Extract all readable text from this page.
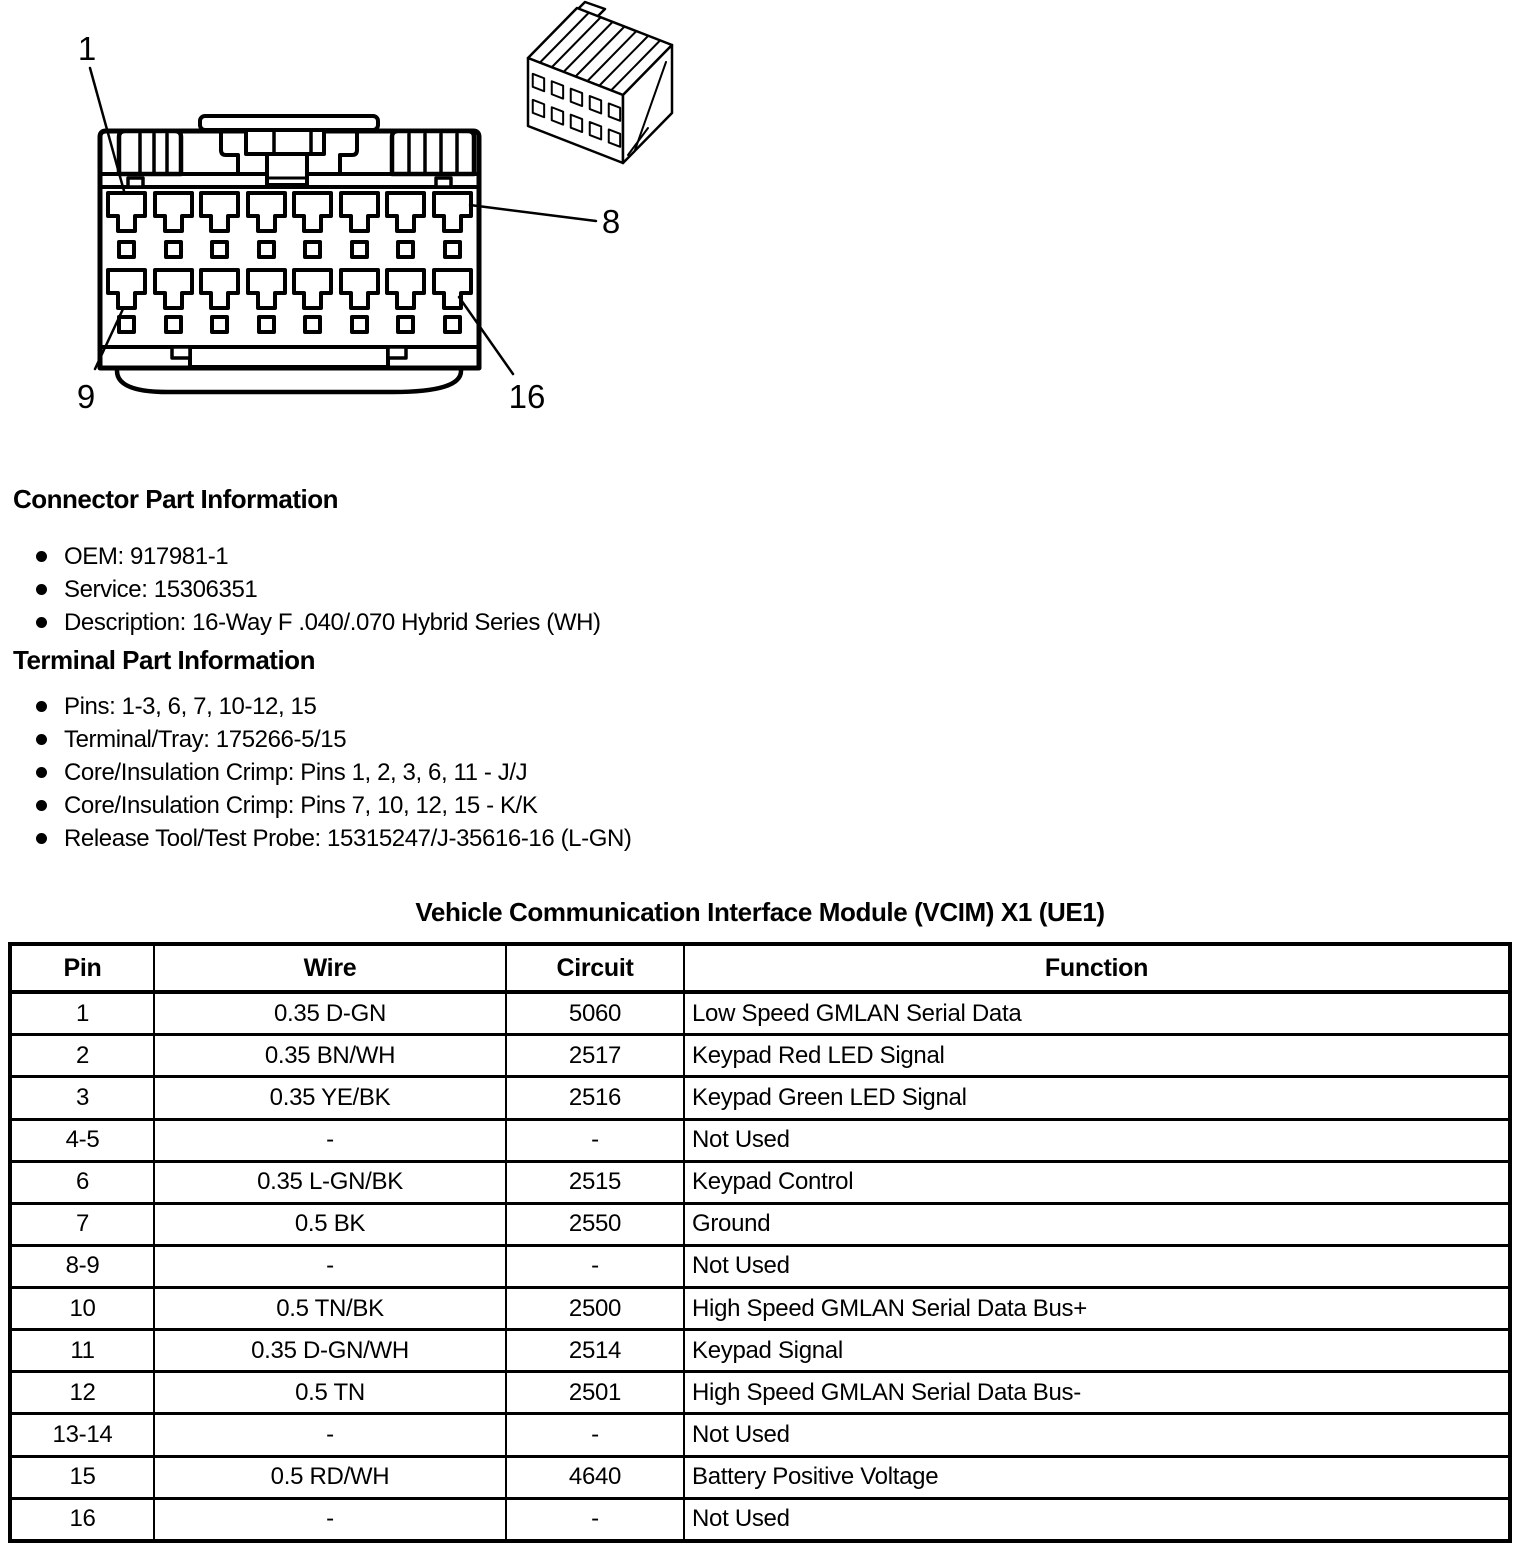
1
8
9	16
Connector Part Information
OEM: 917981-1
Service: 15306351
Description: 16-Way F .040/.070 Hybrid Series (WH)
Terminal Part Information
Pins: 1-3, 6, 7, 10-12, 15
Terminal/Tray: 175266-5/15
Core/Insulation Crimp: Pins 1, 2, 3, 6, 11 - J/J
Core/Insulation Crimp: Pins 7, 10, 12, 15 - K/K
Release Tool/Test Probe: 15315247/J-35616-16 (L-GN)
Vehicle Communication Interface Module (VCIM) X1 (UE1)
Pin	Wire	Circuit	Function
1	0.35 D-GN	5060	Low Speed GMLAN Serial Data
2	0.35 BN/WH	2517	Keypad Red LED Signal
3	0.35 YE/BK	2516	Keypad Green LED Signal
4-5	-	-	Not Used
6	0.35 L-GN/BK	2515	Keypad Control
7	0.5 BK	2550	Ground
8-9	-	-	Not Used
10	0.5 TN/BK	2500	High Speed GMLAN Serial Data Bus+
11	0.35 D-GN/WH	2514	Keypad Signal
12	0.5 TN	2501	High Speed GMLAN Serial Data Bus-
13-14	-	-	Not Used
15	0.5 RD/WH	4640	Battery Positive Voltage
16	-	-	Not Used
